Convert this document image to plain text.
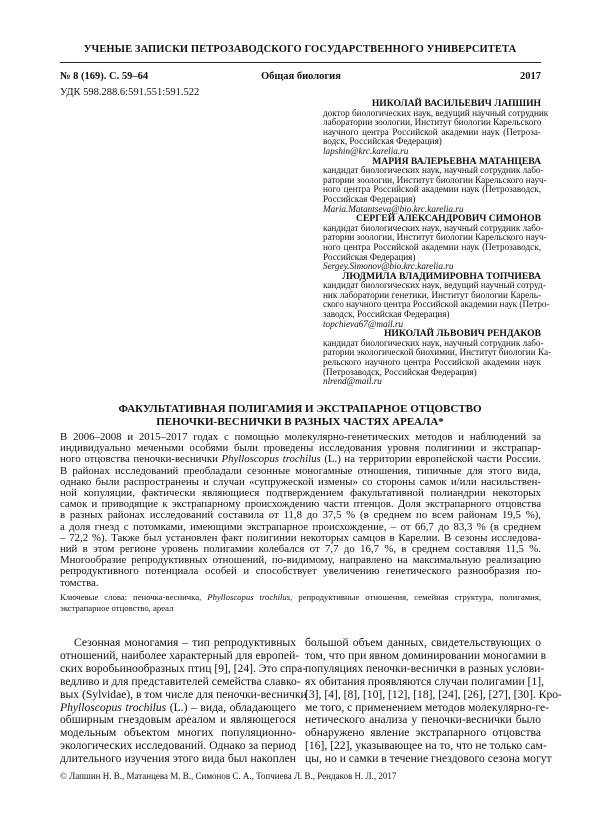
УЧЕНЫЕ ЗАПИСКИ ПЕТРОЗАВОДСКОГО ГОСУДАРСТВЕННОГО УНИВЕРСИТЕТА
№ 8 (169). С. 59–64	Общая биология	2017
УДК 598.288.6:591.551:591.522
НИКОЛАЙ ВАСИЛЬЕВИЧ ЛАПШИН
доктор биологических наук, ведущий научный сотрудник
лаборатории зоологии, Институт биологии Карельского
научного центра Российской академии наук (Петроза-
водск, Российская Федерация)
lapshin@krc.karelia.ru
МАРИЯ ВАЛЕРЬЕВНА МАТАНЦЕВА
кандидат биологических наук, научный сотрудник лабо-
ратории зоологии, Институт биологии Карельского науч-
ного центра Российской академии наук (Петрозаводск,
Российская Федерация)
Maria.Matantseva@bio.krc.karelia.ru
СЕРГЕЙ АЛЕКСАНДРОВИЧ СИМОНОВ
кандидат биологических наук, научный сотрудник лабо-
ратории зоологии, Институт биологии Карельского науч-
ного центра Российской академии наук (Петрозаводск,
Российская Федерация)
Sergey.Simonov@bio.krc.karelia.ru
ЛЮДМИЛА ВЛАДИМИРОВНА ТОПЧИЕВА
кандидат биологических наук, ведущий научный сотруд-
ник лаборатории генетики, Институт биологии Карель-
ского научного центра Российской академии наук (Петро-
заводск, Российская Федерация)
topchieva67@mail.ru
НИКОЛАЙ ЛЬВОВИЧ РЕНДАКОВ
кандидат биологических наук, научный сотрудник лабо-
ратории экологической биохимии, Институт биологии Ка-
рельского научного центра Российской академии наук
(Петрозаводск, Российская Федерация)
nlrend@mail.ru
ФАКУЛЬТАТИВНАЯ ПОЛИГАМИЯ И ЭКСТРАПАРНОЕ ОТЦОВСТВО
ПЕНОЧКИ-ВЕСНИЧКИ В РАЗНЫХ ЧАСТЯХ АРЕАЛА*
В 2006–2008 и 2015–2017 годах с помощью молекулярно-генетических методов и наблюдений за
индивидуально мечеными особями были проведены исследования уровня полигинии и экстрапар-
ного отцовства пеночки-веснички Phylloscopus trochilus (L.) на территории европейской части России.
В районах исследований преобладали сезонные моногамные отношения, типичные для этого вида,
однако были распространены и случаи «супружеской измены» со стороны самок и/или насильствен-
ной копуляции, фактически являющиеся подтверждением факультативной полиандрии некоторых
самок и приводящие к экстрапарному происхождению части птенцов. Доля экстрапарного отцовства
в разных районах исследований составила от 11,8 до 37,5 % (в среднем по всем районам 19,5 %),
а доля гнезд с потомками, имеющими экстрапарное происхождение, – от 66,7 до 83,3 % (в среднем
– 72,2 %). Также был установлен факт полигинии некоторых самцов в Карелии. В сезоны исследова-
ний в этом регионе уровень полигамии колебался от 7,7 до 16,7 %, в среднем составляя 11,5 %.
Многообразие репродуктивных отношений, по-видимому, направлено на максимальную реализацию
репродуктивного потенциала особей и способствует увеличению генетического разнообразия по-
томства.
Ключевые слова: пеночка-весничка, Phylloscopus trochilus, репродуктивные отношения, семейная структура, полигамия,
экстрапарное отцовство, ареал
Сезонная моногамия – тип репродуктивных
отношений, наиболее характерный для европей-
ских воробьинообразных птиц [9], [24]. Это спра-
ведливо и для представителей семейства славко-
вых (Sylvidae), в том числе для пеночки-веснички
Phylloscopus trochilus (L.) – вида, обладающего
обширным гнездовым ареалом и являющегося
модельным объектом многих популяционно-
экологических исследований. Однако за период
длительного изучения этого вида был накоплен
большой объем данных, свидетельствующих о
том, что при явном доминировании моногамии в
популяциях пеночки-веснички в разных услови-
ях обитания проявляются случаи полигамии [1],
[3], [4], [8], [10], [12], [18], [24], [26], [27], [30]. Кро-
ме того, с применением методов молекулярно-ге-
нетического анализа у пеночки-веснички было
обнаружено явление экстрапарного отцовства
[16], [22], указывающее на то, что не только сам-
цы, но и самки в течение гнездового сезона могут
© Лапшин Н. В., Матанцева М. В., Симонов С. А., Топчиева Л. В., Рендаков Н. Л., 2017
